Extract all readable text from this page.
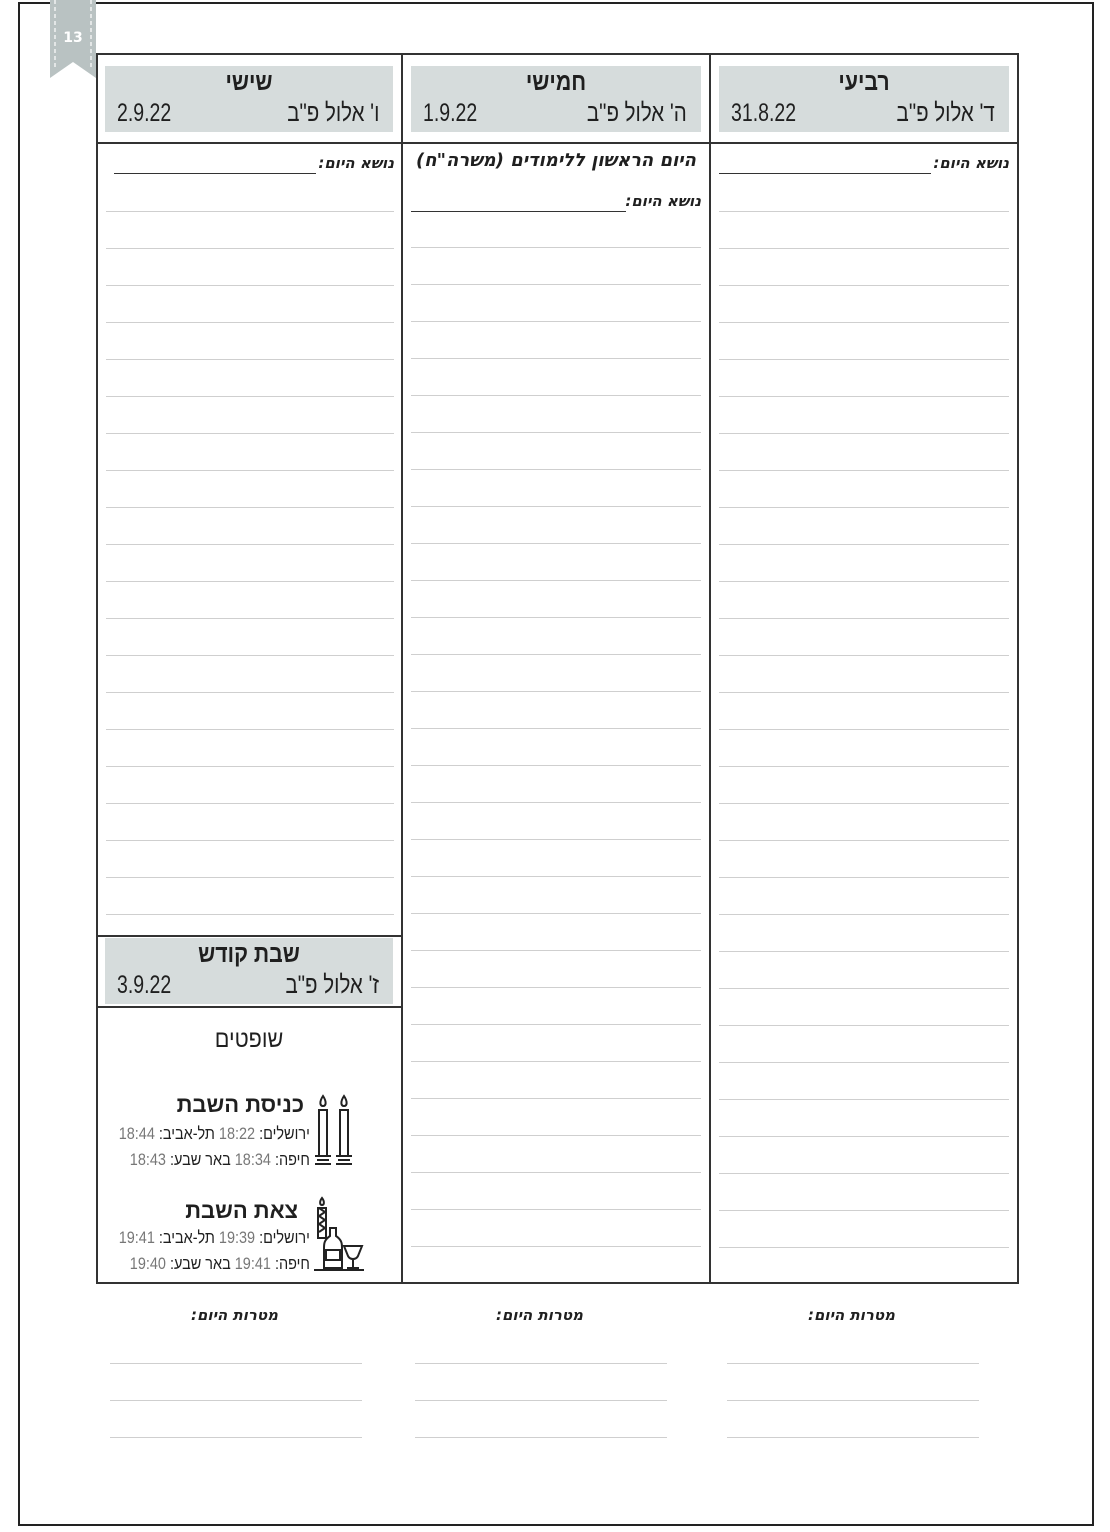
13
רביעי
ד' אלול פ"ב
31.8.22
חמישי
ה' אלול פ"ב
1.9.22
שישי
ו' אלול פ"ב
2.9.22
נושא היום:
היום הראשון ללימודים (משרה"ח)
נושא היום:
נושא היום:
שבת קודש
ז' אלול פ"ב
3.9.22
שופטים
כניסת השבת
ירושלים: 18:22 תל-אביב: 18:44
חיפה: 18:34 באר שבע: 18:43
צאת השבת
ירושלים: 19:39 תל-אביב: 19:41
חיפה: 19:41 באר שבע: 19:40
מטרות היום:
מטרות היום:
מטרות היום:
